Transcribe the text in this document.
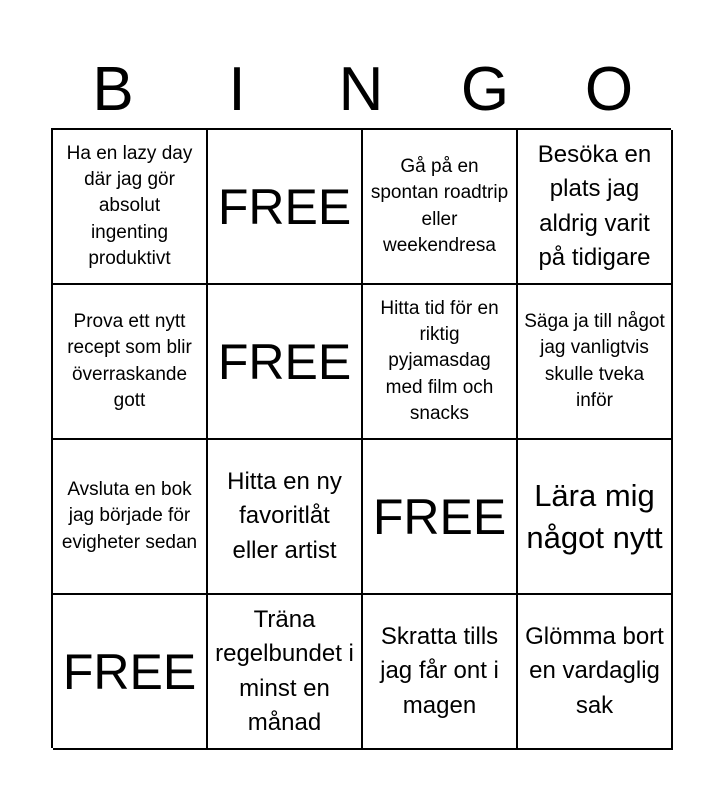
B	I	N	G	O
Ha en lazy day där jag gör absolut ingenting produktivt
FREE
Gå på en spontan roadtrip eller weekendresa
Besöka en plats jag aldrig varit på tidigare
Prova ett nytt recept som blir överraskande gott
FREE
Hitta tid för en riktig pyjamasdag med film och snacks
Säga ja till något jag vanligtvis skulle tveka inför
Avsluta en bok jag började för evigheter sedan
Hitta en ny favoritlåt eller artist
FREE Lära mig något nytt
FREE
Träna regelbundet i minst en månad
Skratta tills jag får ont i magen
Glömma bort en vardaglig sak
